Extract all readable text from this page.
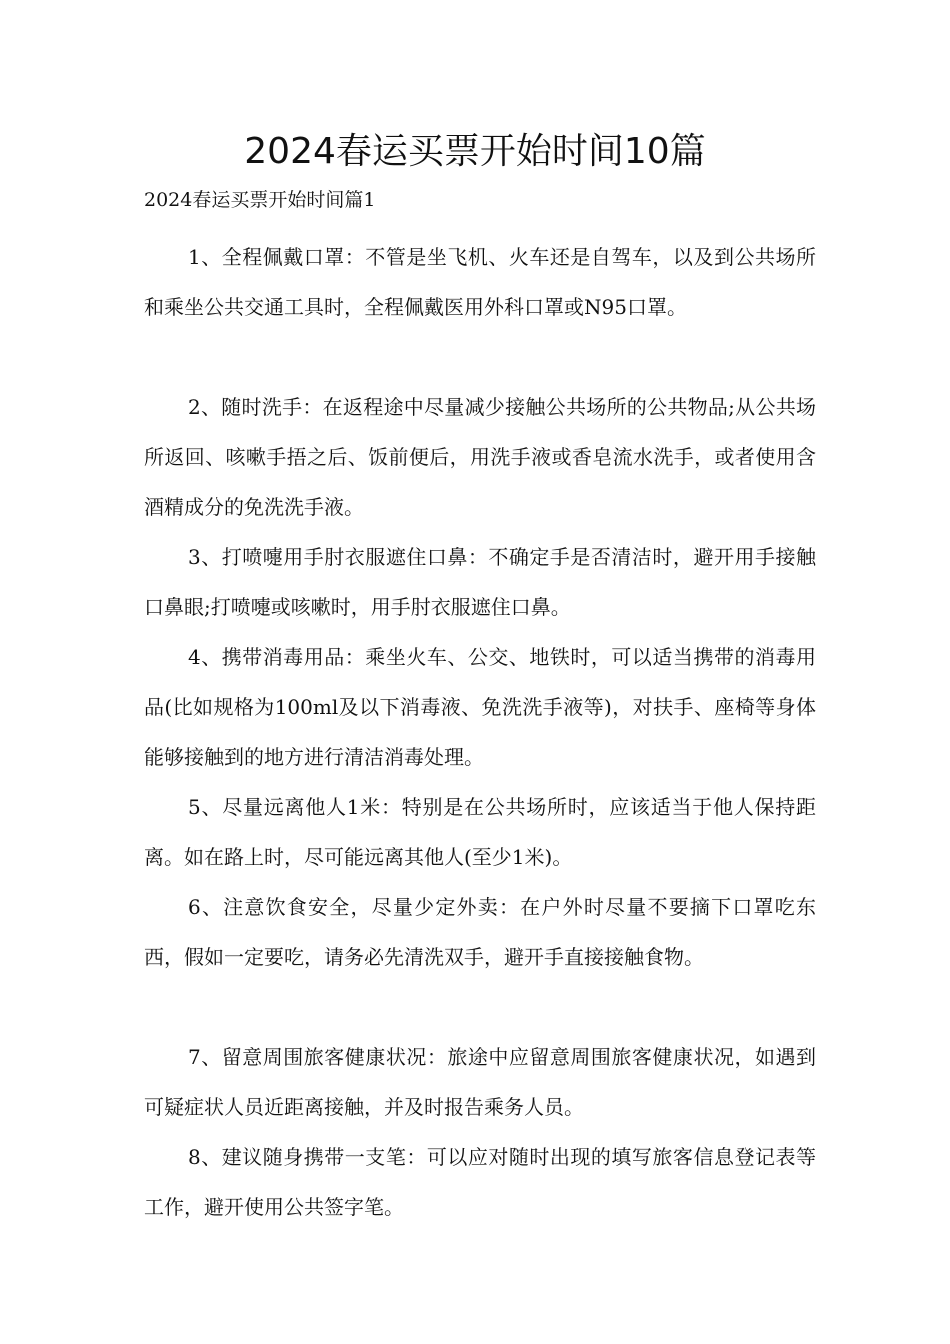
2024春运买票开始时间10篇
2024春运买票开始时间篇1

1、全程佩戴口罩：不管是坐飞机、火车还是自驾车，以及到公共场所和乘坐公共交通工具时，全程佩戴医用外科口罩或N95口罩。

2、随时洗手：在返程途中尽量减少接触公共场所的公共物品;从公共场所返回、咳嗽手捂之后、饭前便后，用洗手液或香皂流水洗手，或者使用含酒精成分的免洗洗手液。

3、打喷嚏用手肘衣服遮住口鼻：不确定手是否清洁时，避开用手接触口鼻眼;打喷嚏或咳嗽时，用手肘衣服遮住口鼻。

4、携带消毒用品：乘坐火车、公交、地铁时，可以适当携带的消毒用品(比如规格为100ml及以下消毒液、免洗洗手液等)，对扶手、座椅等身体能够接触到的地方进行清洁消毒处理。

5、尽量远离他人1米：特别是在公共场所时，应该适当于他人保持距离。如在路上时，尽可能远离其他人(至少1米)。

6、注意饮食安全，尽量少定外卖：在户外时尽量不要摘下口罩吃东西，假如一定要吃，请务必先清洗双手，避开手直接接触食物。

7、留意周围旅客健康状况：旅途中应留意周围旅客健康状况，如遇到可疑症状人员近距离接触，并及时报告乘务人员。

8、建议随身携带一支笔：可以应对随时出现的填写旅客信息登记表等工作，避开使用公共签字笔。
